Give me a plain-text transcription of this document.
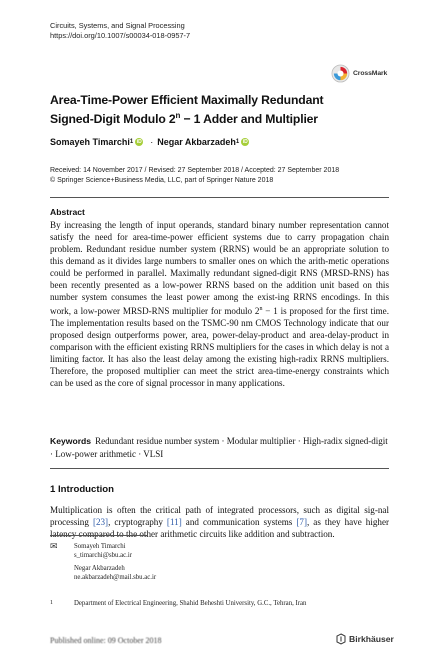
Circuits, Systems, and Signal Processing
https://doi.org/10.1007/s00034-018-0957-7
CrossMark
Area-Time-Power Efficient Maximally Redundant
Signed-Digit Modulo $2^n - 1$ Adder and Multiplier
Somayeh Timarchi 1 iD · Negar Akbarzadeh 1 iD
Received: 14 November 2017 / Revised: 27 September 2018 / Accepted: 27 September 2018
© Springer Science+Business Media, LLC, part of Springer Nature 2018
Abstract
By increasing the length of input operands, standard binary number representation cannot satisfy the need for area-time-power efficient systems due to carry propagation chain problem. Redundant residue number system (RRNS) would be an appropriate solution to this demand as it divides large numbers to smaller ones on which the arith-metic operations could be performed in parallel. Maximally redundant signed-digit RNS (MRSD-RNS) has been recently presented as a low-power RRNS based on the addition unit based on this number system consumes the least power among the exist-ing RRNS encodings. In this work, a low-power MRSD-RNS multiplier for modulo $2^n - 1$ is proposed for the first time. The implementation results based on the TSMC-90 nm CMOS Technology indicate that our proposed design outperforms power, area, power-delay-product and area-delay-product in comparison with the efficient existing RRNS multipliers for the cases in which delay is not a limiting factor. It has also the least delay among the existing high-radix RRNS multipliers. Therefore, the proposed multiplier can meet the strict area-time-energy constraints which can be used as the core of signal processor in many applications.
Keywords Redundant residue number system · Modular multiplier · High-radix signed-digit · Low-power arithmetic · VLSI
1 Introduction
Multiplication is often the critical path of integrated processors, such as digital sig-nal processing [23], cryptography [11] and communication systems [7], as they have higher latency compared to the other arithmetic circuits like addition and subtraction.
✉	Somayeh Timarchi
s_timarchi@sbu.ac.ir
Negar Akbarzadeh
ne.akbarzadeh@mail.sbu.ac.ir
1	Department of Electrical Engineering, Shahid Beheshti University, G.C., Tehran, Iran
Published online: 09 October 2018	Birkhäuser
